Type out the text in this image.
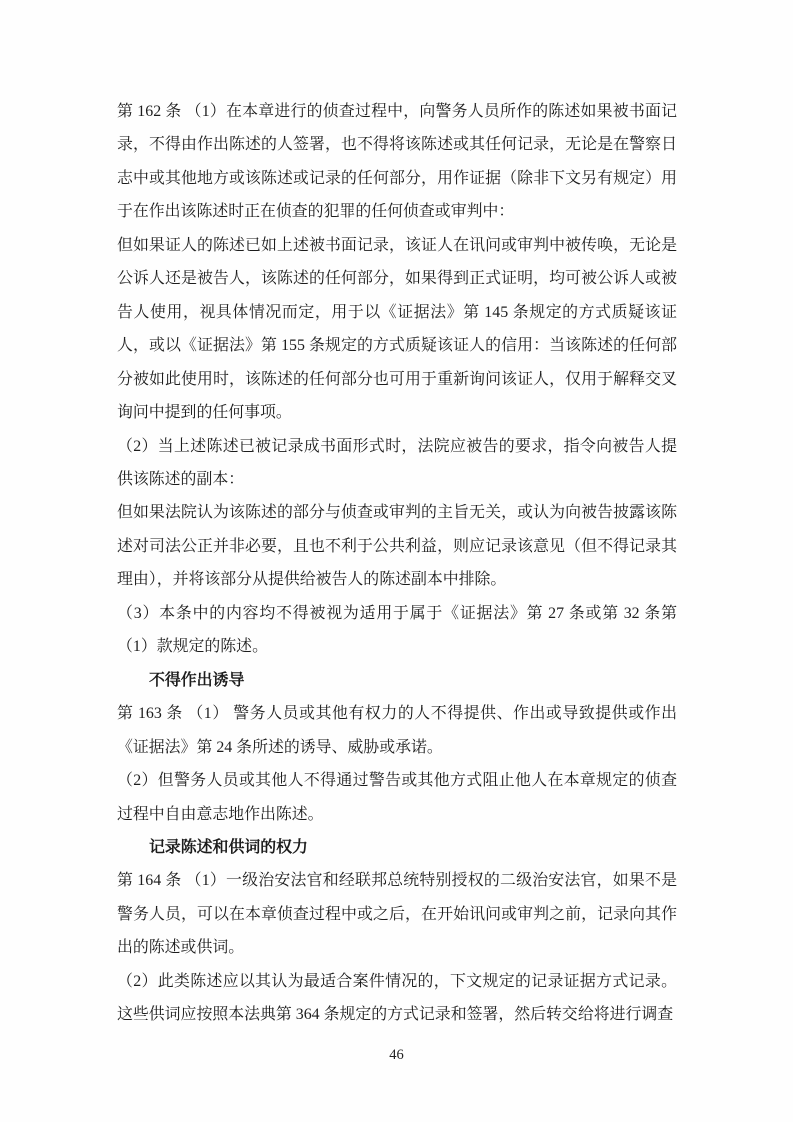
第 162 条 （1）在本章进行的侦查过程中，向警务人员所作的陈述如果被书面记录，不得由作出陈述的人签署，也不得将该陈述或其任何记录，无论是在警察日志中或其他地方或该陈述或记录的任何部分，用作证据（除非下文另有规定）用于在作出该陈述时正在侦查的犯罪的任何侦查或审判中：

但如果证人的陈述已如上述被书面记录，该证人在讯问或审判中被传唤，无论是公诉人还是被告人，该陈述的任何部分，如果得到正式证明，均可被公诉人或被告人使用，视具体情况而定，用于以《证据法》第 145 条规定的方式质疑该证人，或以《证据法》第 155 条规定的方式质疑该证人的信用：当该陈述的任何部分被如此使用时，该陈述的任何部分也可用于重新询问该证人，仅用于解释交叉询问中提到的任何事项。

（2）当上述陈述已被记录成书面形式时，法院应被告的要求，指令向被告人提供该陈述的副本：

但如果法院认为该陈述的部分与侦查或审判的主旨无关，或认为向被告披露该陈述对司法公正并非必要，且也不利于公共利益，则应记录该意见（但不得记录其理由），并将该部分从提供给被告人的陈述副本中排除。

（3）本条中的内容均不得被视为适用于属于《证据法》第 27 条或第 32 条第（1）款规定的陈述。

不得作出诱导

第 163 条 （1） 警务人员或其他有权力的人不得提供、作出或导致提供或作出《证据法》第 24 条所述的诱导、威胁或承诺。

（2）但警务人员或其他人不得通过警告或其他方式阻止他人在本章规定的侦查过程中自由意志地作出陈述。

记录陈述和供词的权力

第 164 条 （1）一级治安法官和经联邦总统特别授权的二级治安法官，如果不是警务人员，可以在本章侦查过程中或之后，在开始讯问或审判之前，记录向其作出的陈述或供词。

（2）此类陈述应以其认为最适合案件情况的，下文规定的记录证据方式记录。这些供词应按照本法典第 364 条规定的方式记录和签署，然后转交给将进行调查

46
